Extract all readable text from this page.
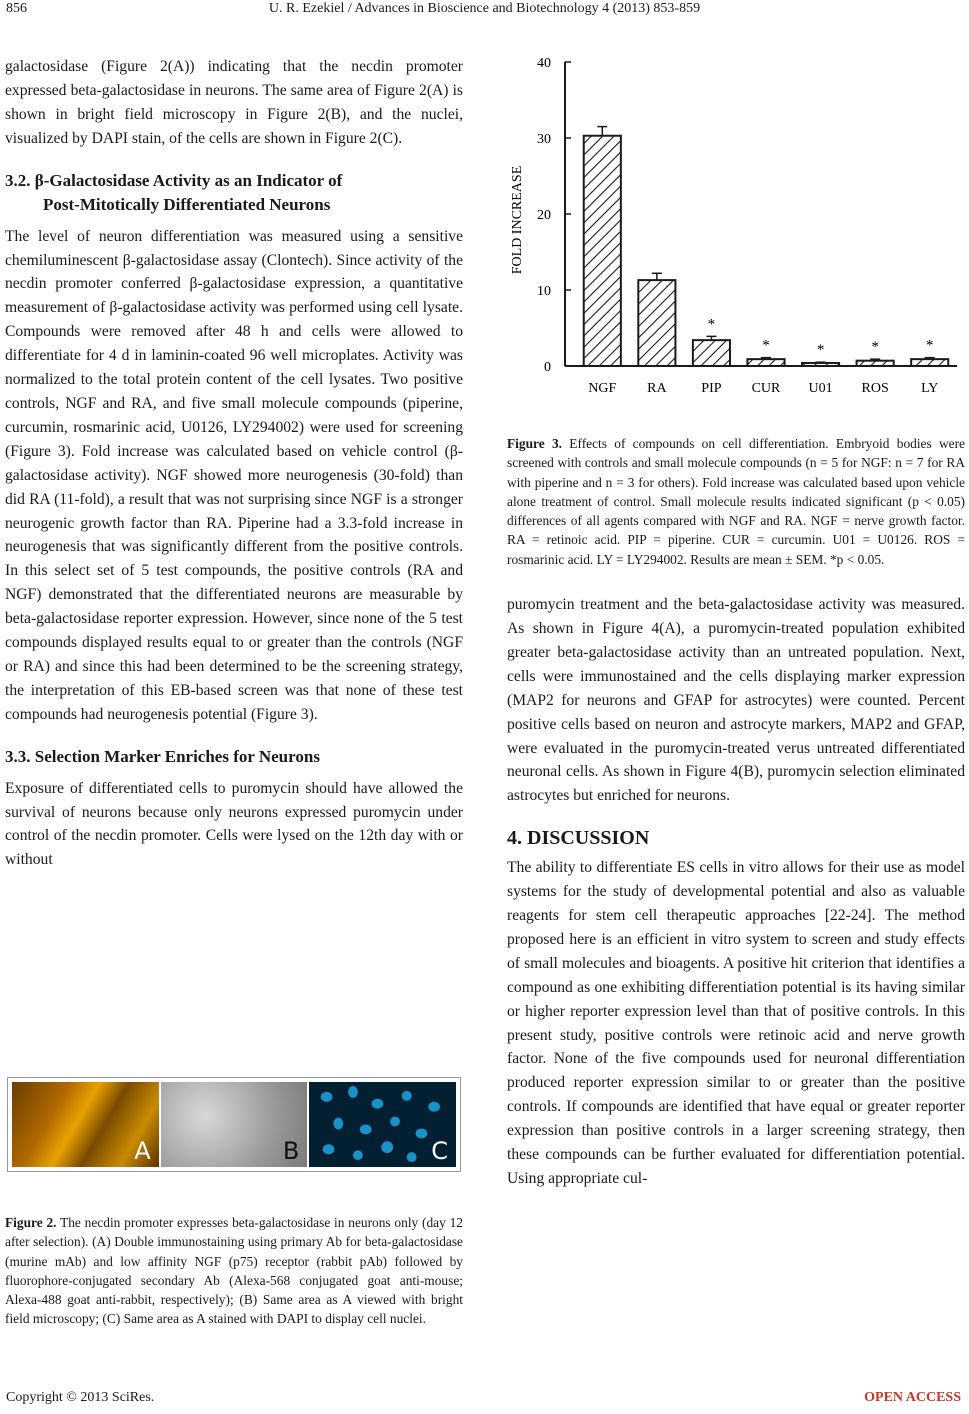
856	U. R. Ezekiel / Advances in Bioscience and Biotechnology 4 (2013) 853-859

galactosidase (Figure 2(A)) indicating that the necdin promoter expressed beta-galactosidase in neurons. The same area of Figure 2(A) is shown in bright field microscopy in Figure 2(B), and the nuclei, visualized by DAPI stain, of the cells are shown in Figure 2(C).

3.2. β-Galactosidase Activity as an Indicator of
Post-Mitotically Differentiated Neurons

The level of neuron differentiation was measured using a sensitive chemiluminescent β-galactosidase assay (Clontech). Since activity of the necdin promoter conferred β-galactosidase expression, a quantitative measurement of β-galactosidase activity was performed using cell lysate. Compounds were removed after 48 h and cells were allowed to differentiate for 4 d in laminin-coated 96 well microplates. Activity was normalized to the total protein content of the cell lysates. Two positive controls, NGF and RA, and five small molecule compounds (piperine, curcumin, rosmarinic acid, U0126, LY294002) were used for screening (Figure 3). Fold increase was calculated based on vehicle control (β-galactosidase activity). NGF showed more neurogenesis (30-fold) than did RA (11-fold), a result that was not surprising since NGF is a stronger neurogenic growth factor than RA. Piperine had a 3.3-fold increase in neurogenesis that was significantly different from the positive controls. In this select set of 5 test compounds, the positive controls (RA and NGF) demonstrated that the differentiated neurons are measurable by beta-galactosidase reporter expression. However, since none of the 5 test compounds displayed results equal to or greater than the controls (NGF or RA) and since this had been determined to be the screening strategy, the interpretation of this EB-based screen was that none of these test compounds had neurogenesis potential (Figure 3).

3.3. Selection Marker Enriches for Neurons

Exposure of differentiated cells to puromycin should have allowed the survival of neurons because only neurons expressed puromycin under control of the necdin promoter. Cells were lysed on the 12th day with or without

A	B	C

Figure 2. The necdin promoter expresses beta-galactosidase in neurons only (day 12 after selection). (A) Double immunostaining using primary Ab for beta-galactosidase (murine mAb) and low affinity NGF (p75) receptor (rabbit pAb) followed by fluorophore-conjugated secondary Ab (Alexa-568 conjugated goat anti-mouse; Alexa-488 goat anti-rabbit, respectively); (B) Same area as A viewed with bright field microscopy; (C) Same area as A stained with DAPI to display cell nuclei.

FOLD INCREASE
0
10
20
30
40
NGF RA PIP
*
CUR
*
U01
*
ROS
*
LY
*

Figure 3. Effects of compounds on cell differentiation. Embryoid bodies were screened with controls and small molecule compounds (n = 5 for NGF: n = 7 for RA with piperine and n = 3 for others). Fold increase was calculated based upon vehicle alone treatment of control. Small molecule results indicated significant (p < 0.05) differences of all agents compared with NGF and RA. NGF = nerve growth factor. RA = retinoic acid. PIP = piperine. CUR = curcumin. U01 = U0126. ROS = rosmarinic acid. LY = LY294002. Results are mean ± SEM. *p < 0.05.

puromycin treatment and the beta-galactosidase activity was measured. As shown in Figure 4(A), a puromycin-treated population exhibited greater beta-galactosidase activity than an untreated population. Next, cells were immunostained and the cells displaying marker expression (MAP2 for neurons and GFAP for astrocytes) were counted. Percent positive cells based on neuron and astrocyte markers, MAP2 and GFAP, were evaluated in the puromycin-treated verus untreated differentiated neuronal cells. As shown in Figure 4(B), puromycin selection eliminated astrocytes but enriched for neurons.

4. DISCUSSION

The ability to differentiate ES cells in vitro allows for their use as model systems for the study of developmental potential and also as valuable reagents for stem cell therapeutic approaches [22-24]. The method proposed here is an efficient in vitro system to screen and study effects of small molecules and bioagents. A positive hit criterion that identifies a compound as one exhibiting differentiation potential is its having similar or higher reporter expression level than that of positive controls. In this present study, positive controls were retinoic acid and nerve growth factor. None of the five compounds used for neuronal differentiation produced reporter expression similar to or greater than the positive controls. If compounds are identified that have equal or greater reporter expression than positive controls in a larger screening strategy, then these compounds can be further evaluated for differentiation potential. Using appropriate cul-

Copyright © 2013 SciRes.	OPEN ACCESS
